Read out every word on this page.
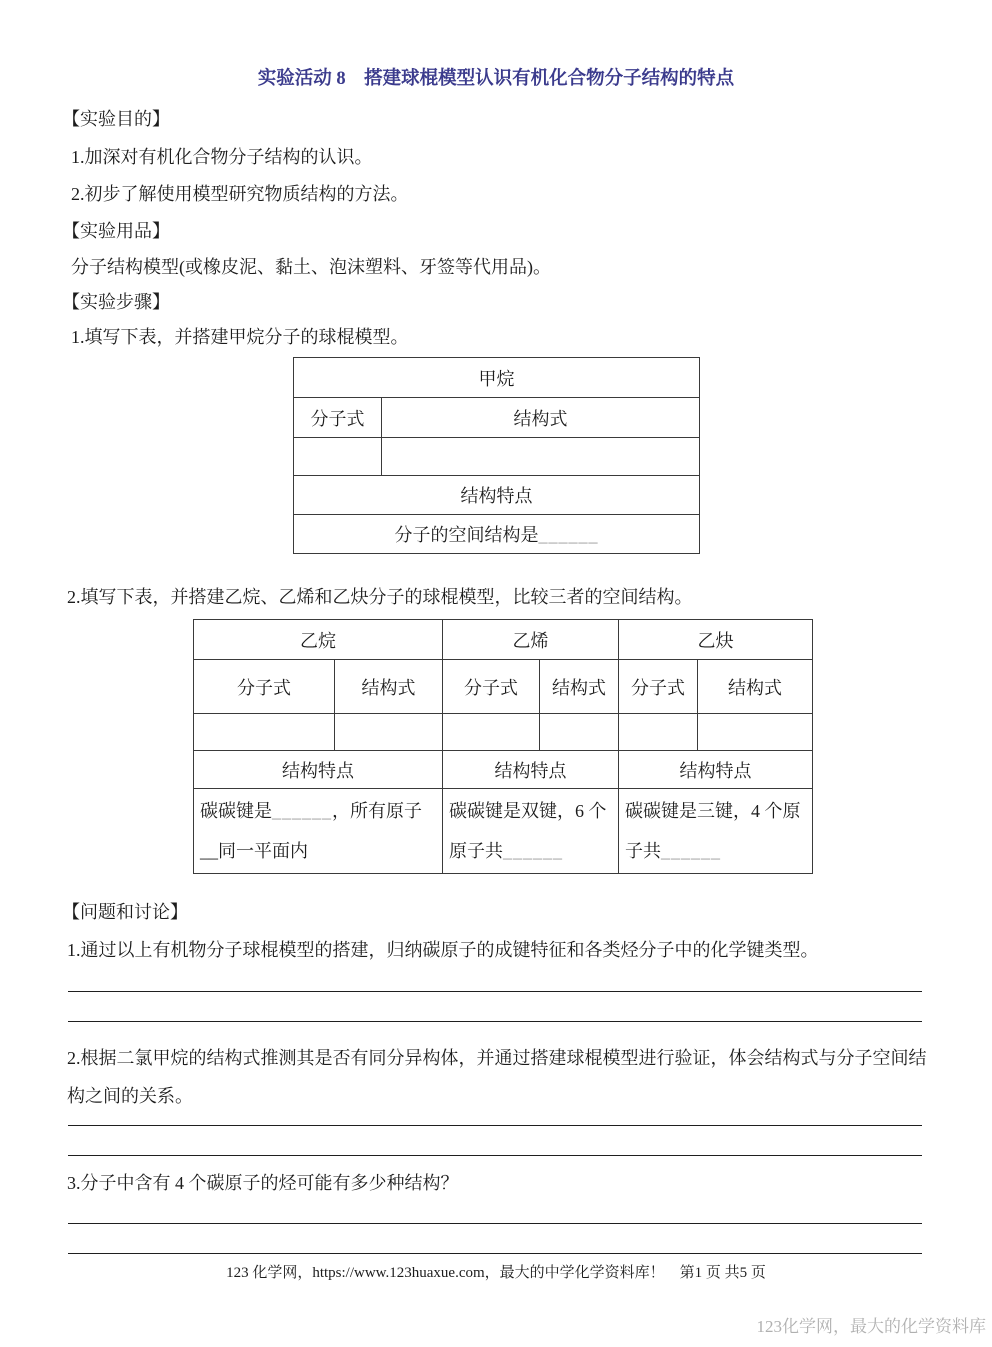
实验活动 8　搭建球棍模型认识有机化合物分子结构的特点
【实验目的】
1.加深对有机化合物分子结构的认识。
2.初步了解使用模型研究物质结构的方法。
【实验用品】
分子结构模型(或橡皮泥、黏土、泡沫塑料、牙签等代用品)。
【实验步骤】
1.填写下表，并搭建甲烷分子的球棍模型。
甲烷	
分子式	结构式

结构特点	
分子的空间结构是______	
2.填写下表，并搭建乙烷、乙烯和乙炔分子的球棍模型，比较三者的空间结构。
乙烷		乙烯		乙炔	
分子式	结构式	分子式	结构式	分子式	结构式

结构特点		结构特点		结构特点	
碳碳键是______，所有原子__同一平面内		碳碳键是双键，6 个原子共______		碳碳键是三键，4 个原子共______	
【问题和讨论】
1.通过以上有机物分子球棍模型的搭建，归纳碳原子的成键特征和各类烃分子中的化学键类型。
2.根据二氯甲烷的结构式推测其是否有同分异构体，并通过搭建球棍模型进行验证，体会结构式与分子空间结构之间的关系。
3.分子中含有 4 个碳原子的烃可能有多少种结构？
123 化学网，https://www.123huaxue.com，最大的中学化学资料库！　第1 页 共5 页
123化学网，最大的化学资料库
